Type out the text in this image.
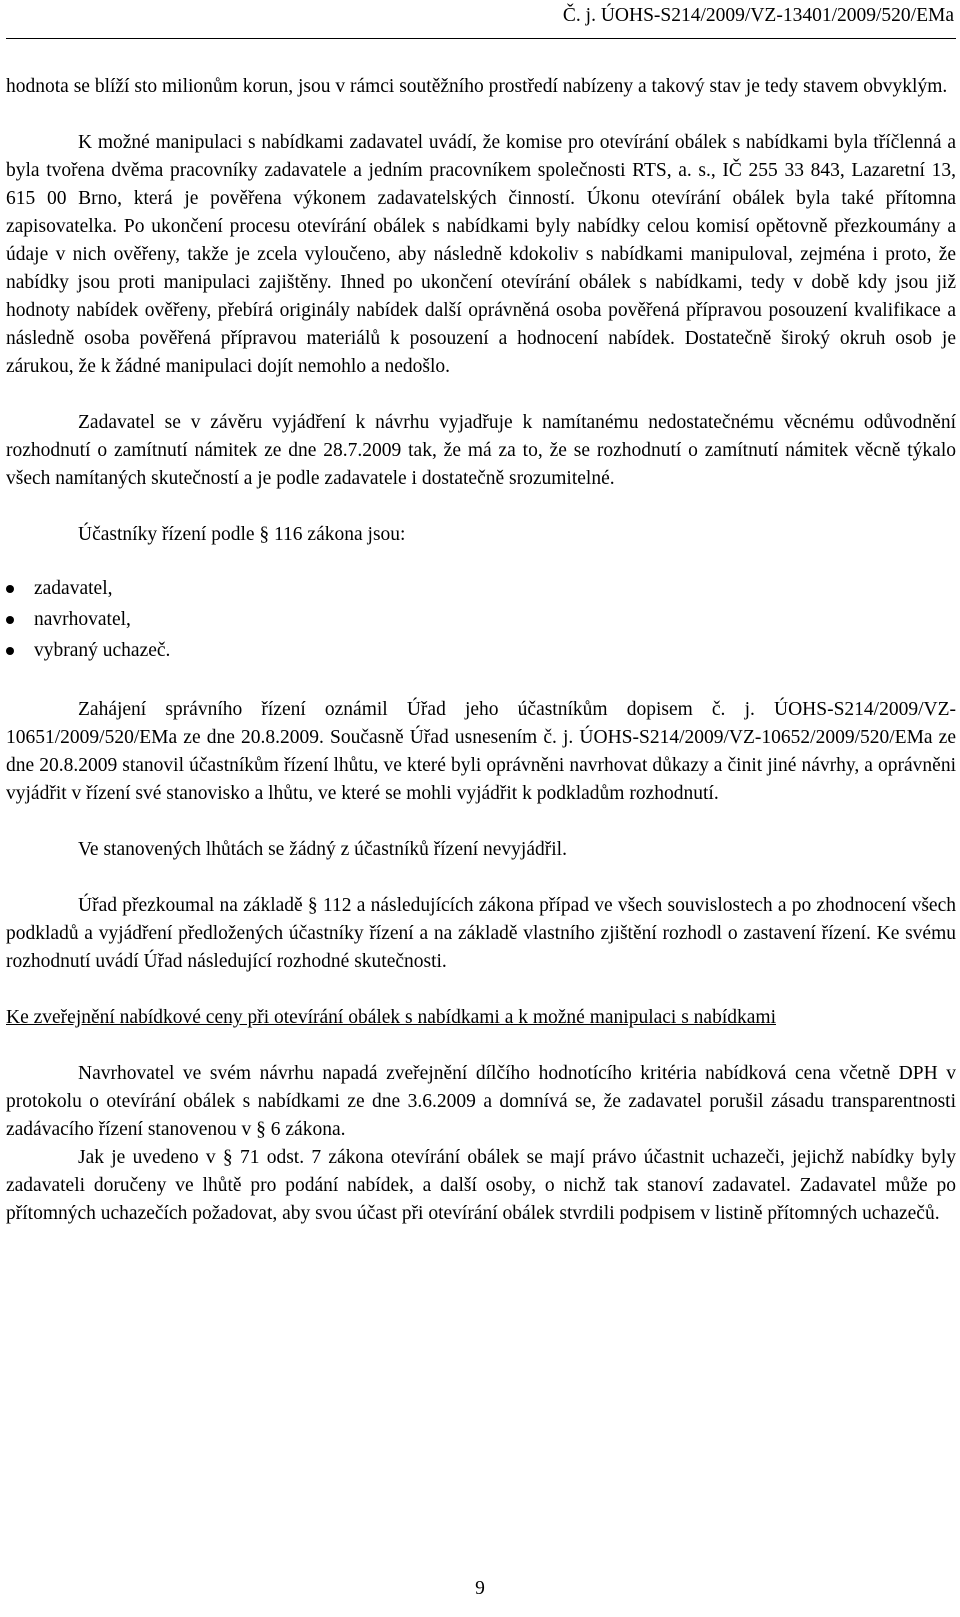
Č. j. ÚOHS-S214/2009/VZ-13401/2009/520/EMa

hodnota se blíží sto milionům korun, jsou v rámci soutěžního prostředí nabízeny a takový stav je tedy stavem obvyklým.

K možné manipulaci s nabídkami zadavatel uvádí, že komise pro otevírání obálek s nabídkami byla tříčlenná a byla tvořena dvěma pracovníky zadavatele a jedním pracovníkem společnosti RTS, a. s., IČ 255 33 843, Lazaretní 13, 615 00 Brno, která je pověřena výkonem zadavatelských činností. Úkonu otevírání obálek byla také přítomna zapisovatelka. Po ukončení procesu otevírání obálek s nabídkami byly nabídky celou komisí opětovně přezkoumány a údaje v nich ověřeny, takže je zcela vyloučeno, aby následně kdokoliv s nabídkami manipuloval, zejména i proto, že nabídky jsou proti manipulaci zajištěny. Ihned po ukončení otevírání obálek s nabídkami, tedy v době kdy jsou již hodnoty nabídek ověřeny, přebírá originály nabídek další oprávněná osoba pověřená přípravou posouzení kvalifikace a následně osoba pověřená přípravou materiálů k posouzení a hodnocení nabídek. Dostatečně široký okruh osob je zárukou, že k žádné manipulaci dojít nemohlo a nedošlo.

Zadavatel se v závěru vyjádření k návrhu vyjadřuje k namítanému nedostatečnému věcnému odůvodnění rozhodnutí o zamítnutí námitek ze dne 28.7.2009 tak, že má za to, že se rozhodnutí o zamítnutí námitek věcně týkalo všech namítaných skutečností a je podle zadavatele i dostatečně srozumitelné.

Účastníky řízení podle § 116 zákona jsou:

zadavatel,
navrhovatel,
vybraný uchazeč.

Zahájení správního řízení oznámil Úřad jeho účastníkům dopisem č. j. ÚOHS-S214/2009/VZ-10651/2009/520/EMa ze dne 20.8.2009. Současně Úřad usnesením č. j. ÚOHS-S214/2009/VZ-10652/2009/520/EMa ze dne 20.8.2009 stanovil účastníkům řízení lhůtu, ve které byli oprávněni navrhovat důkazy a činit jiné návrhy, a oprávněni vyjádřit v řízení své stanovisko a lhůtu, ve které se mohli vyjádřit k podkladům rozhodnutí.

Ve stanovených lhůtách se žádný z účastníků řízení nevyjádřil.

Úřad přezkoumal na základě § 112 a následujících zákona případ ve všech souvislostech a po zhodnocení všech podkladů a vyjádření předložených účastníky řízení a na základě vlastního zjištění rozhodl o zastavení řízení. Ke svému rozhodnutí uvádí Úřad následující rozhodné skutečnosti.

Ke zveřejnění nabídkové ceny při otevírání obálek s nabídkami a k možné manipulaci s nabídkami

Navrhovatel ve svém návrhu napadá zveřejnění dílčího hodnotícího kritéria nabídková cena včetně DPH v protokolu o otevírání obálek s nabídkami ze dne 3.6.2009 a domnívá se, že zadavatel porušil zásadu transparentnosti zadávacího řízení stanovenou v § 6 zákona.

Jak je uvedeno v § 71 odst. 7 zákona otevírání obálek se mají právo účastnit uchazeči, jejichž nabídky byly zadavateli doručeny ve lhůtě pro podání nabídek, a další osoby, o nichž tak stanoví zadavatel. Zadavatel může po přítomných uchazečích požadovat, aby svou účast při otevírání obálek stvrdili podpisem v listině přítomných uchazečů.

9
